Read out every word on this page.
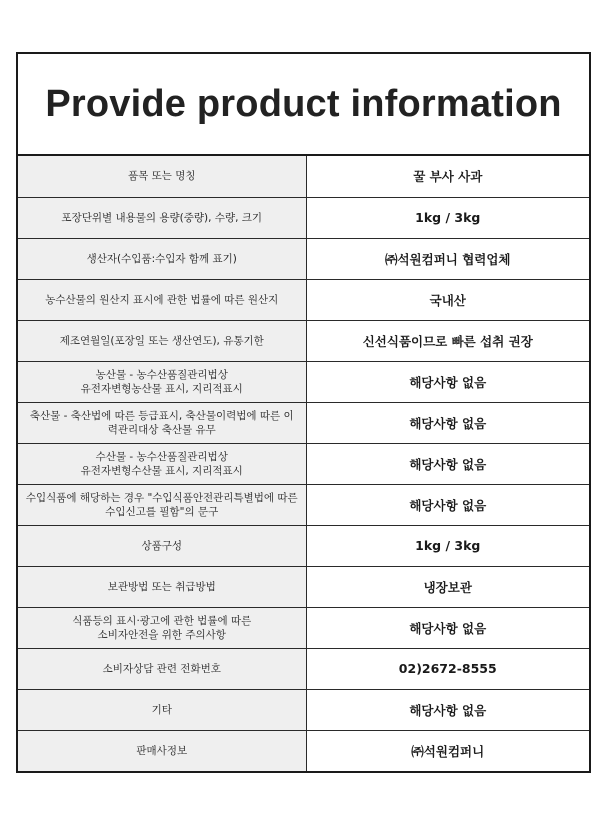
Provide product information
품목 또는 명칭	꿀 부사 사과

포장단위별 내용물의 용량(중량), 수량, 크기	1kg / 3kg

생산자(수입품:수입자 함께 표기)	㈜석원컴퍼니 협력업체

농수산물의 원산지 표시에 관한 법률에 따른 원산지	국내산

제조연월일(포장일 또는 생산연도), 유통기한	신선식품이므로 빠른 섭취 권장

농산물 - 농수산품질관리법상
유전자변형농산물 표시, 지리적표시	해당사항 없음

축산물 - 축산법에 따른 등급표시, 축산물이력법에 따른 이
력관리대상 축산물 유무	해당사항 없음

수산물 - 농수산품질관리법상
유전자변형수산물 표시, 지리적표시	해당사항 없음

수입식품에 해당하는 경우 "수입식품안전관리특별법에 따른
수입신고를 필함"의 문구	해당사항 없음

상품구성	1kg / 3kg

보관방법 또는 취급방법	냉장보관

식품등의 표시·광고에 관한 법률에 따른
소비자안전을 위한 주의사항	해당사항 없음

소비자상담 관련 전화번호	02)2672-8555

기타	해당사항 없음

판매사정보	㈜석원컴퍼니
